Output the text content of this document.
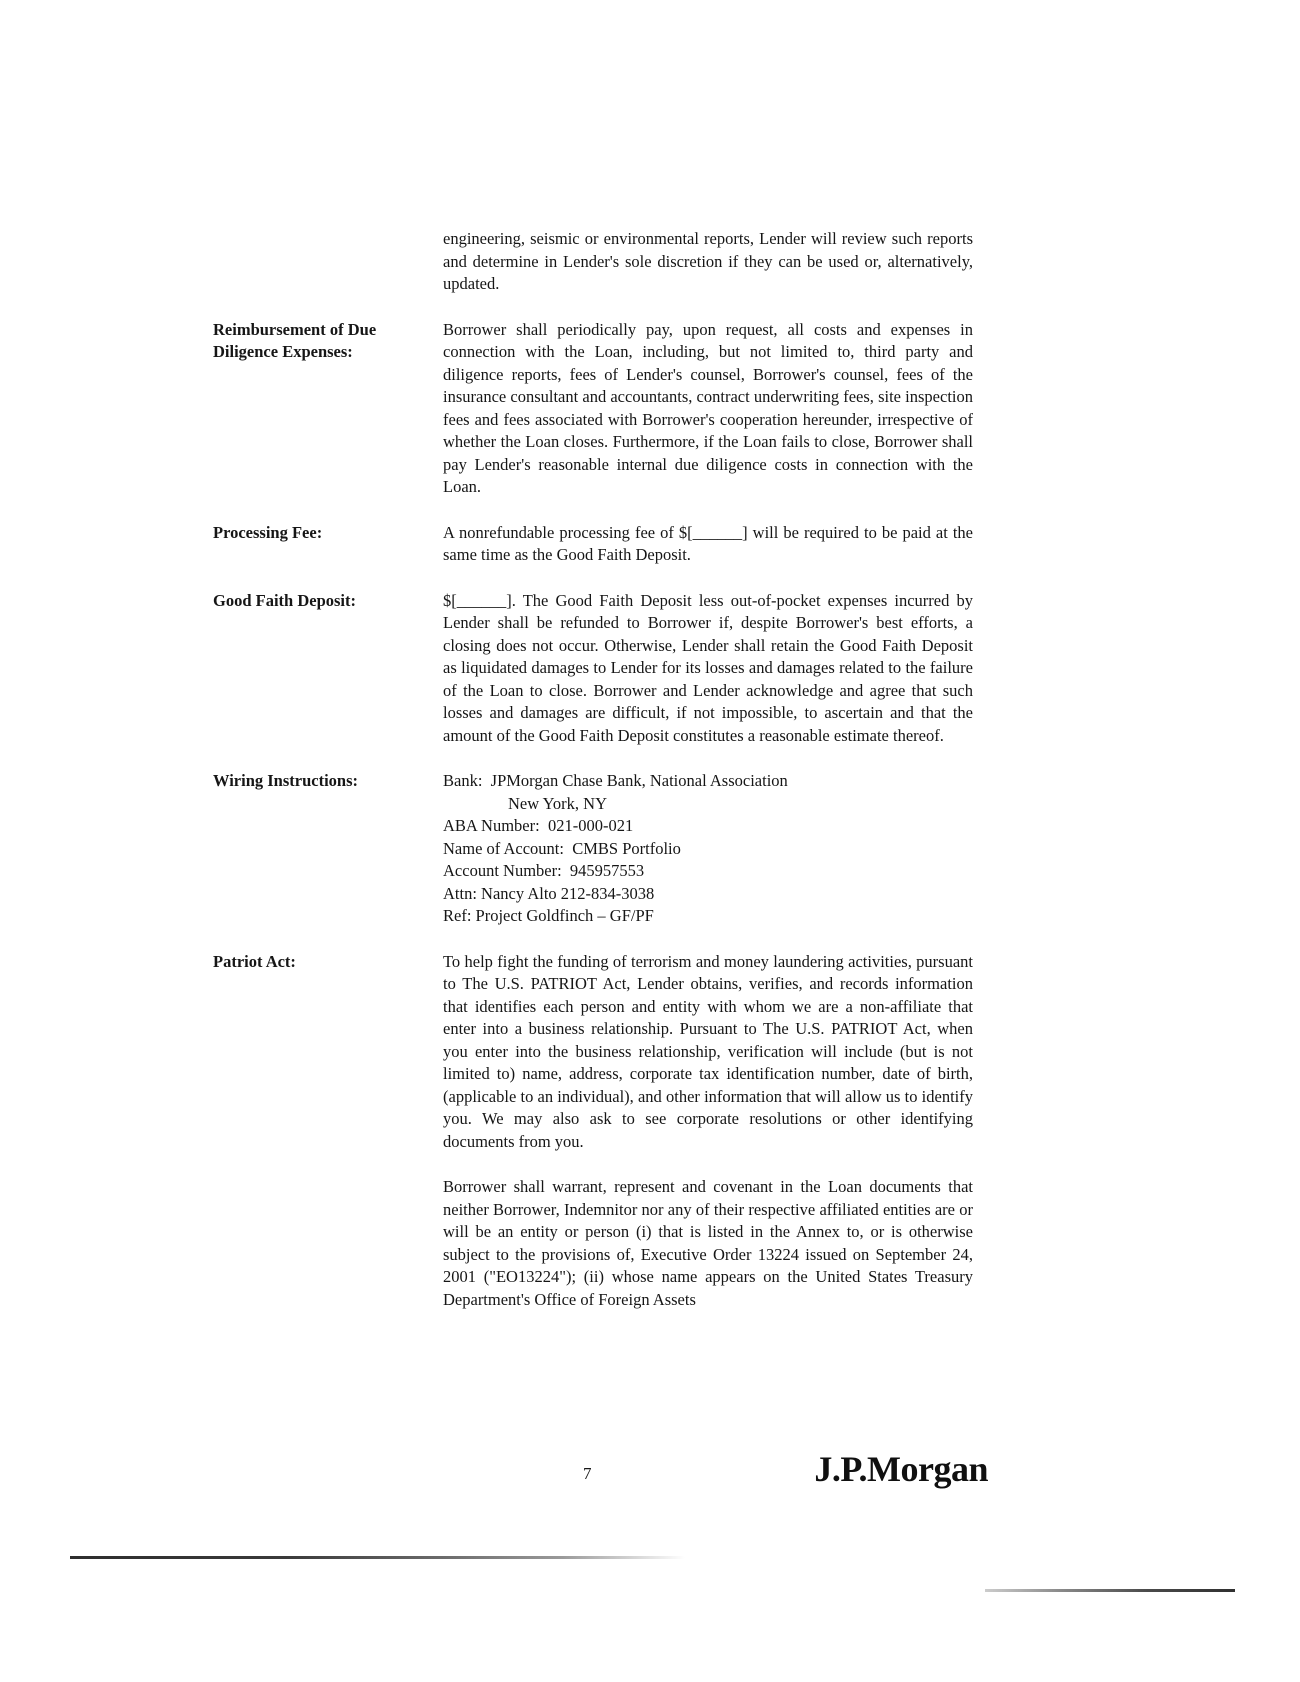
engineering, seismic or environmental reports, Lender will review such reports and determine in Lender's sole discretion if they can be used or, alternatively, updated.

Reimbursement of Due Diligence Expenses:

Borrower shall periodically pay, upon request, all costs and expenses in connection with the Loan, including, but not limited to, third party and diligence reports, fees of Lender's counsel, Borrower's counsel, fees of the insurance consultant and accountants, contract underwriting fees, site inspection fees and fees associated with Borrower's cooperation hereunder, irrespective of whether the Loan closes. Furthermore, if the Loan fails to close, Borrower shall pay Lender's reasonable internal due diligence costs in connection with the Loan.

Processing Fee:	A nonrefundable processing fee of $[______] will be required to be paid at the same time as the Good Faith Deposit.

Good Faith Deposit:	$[______]. The Good Faith Deposit less out-of-pocket expenses incurred by Lender shall be refunded to Borrower if, despite Borrower's best efforts, a closing does not occur. Otherwise, Lender shall retain the Good Faith Deposit as liquidated damages to Lender for its losses and damages related to the failure of the Loan to close. Borrower and Lender acknowledge and agree that such losses and damages are difficult, if not impossible, to ascertain and that the amount of the Good Faith Deposit constitutes a reasonable estimate thereof.

Wiring Instructions:	Bank:  JPMorgan Chase Bank, National Association
New York, NY
ABA Number:  021-000-021
Name of Account:  CMBS Portfolio
Account Number:  945957553
Attn: Nancy Alto 212-834-3038
Ref: Project Goldfinch – GF/PF
Patriot Act:	To help fight the funding of terrorism and money laundering activities, pursuant to The U.S. PATRIOT Act, Lender obtains, verifies, and records information that identifies each person and entity with whom we are a non-affiliate that enter into a business relationship. Pursuant to The U.S. PATRIOT Act, when you enter into the business relationship, verification will include (but is not limited to) name, address, corporate tax identification number, date of birth, (applicable to an individual), and other information that will allow us to identify you. We may also ask to see corporate resolutions or other identifying documents from you.

Borrower shall warrant, represent and covenant in the Loan documents that neither Borrower, Indemnitor nor any of their respective affiliated entities are or will be an entity or person (i) that is listed in the Annex to, or is otherwise subject to the provisions of, Executive Order 13224 issued on September 24, 2001 ("EO13224"); (ii) whose name appears on the United States Treasury Department's Office of Foreign Assets

7	J.P.Morgan
